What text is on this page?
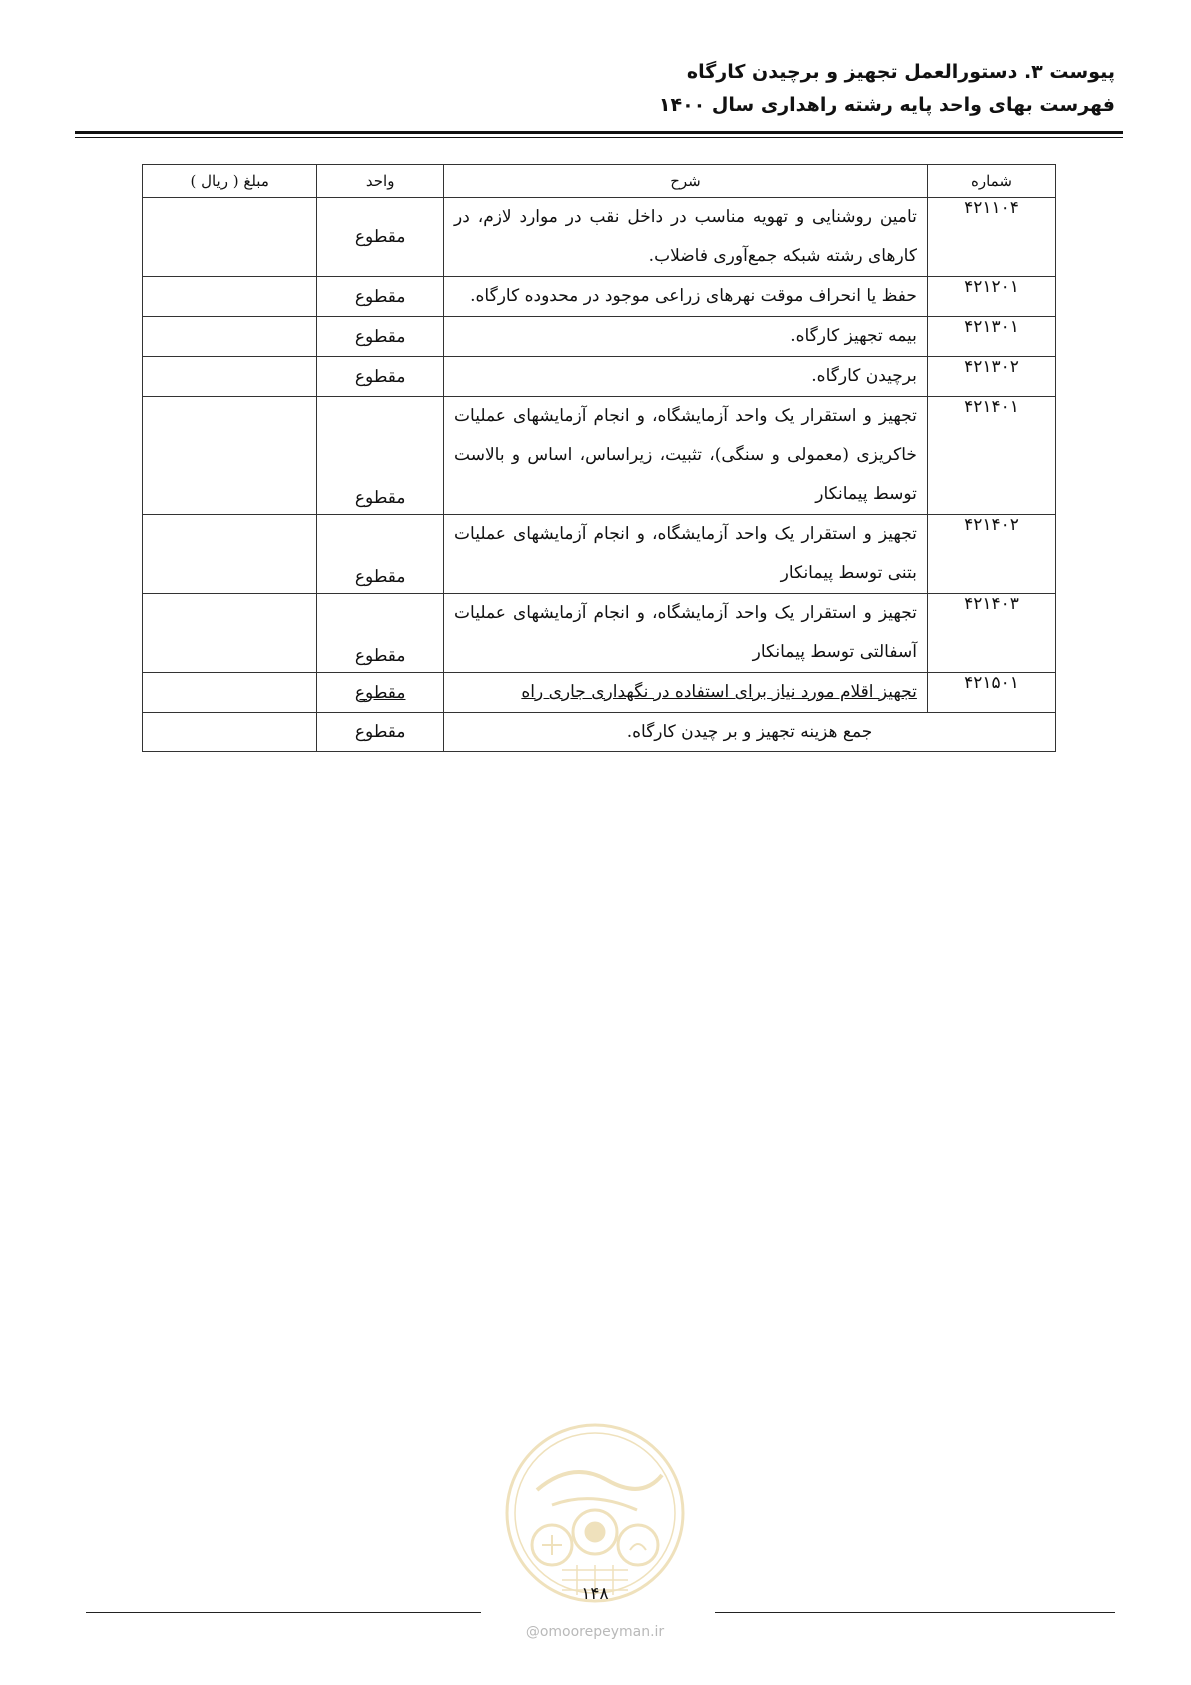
پیوست ۳. دستورالعمل تجهیز و برچیدن کارگاه
فهرست بهای واحد پایه رشته راهداری سال ۱۴۰۰
شماره	شرح	واحد	مبلغ ( ریال )
۴۲۱۱۰۴	تامین روشنایی و تهویه مناسب در داخل نقب در موارد لازم، در کارهای رشته شبکه جمع‌آوری فاضلاب.	مقطوع	
۴۲۱۲۰۱	حفظ یا انحراف موقت نهرهای زراعی موجود در محدوده کارگاه.	مقطوع	
۴۲۱۳۰۱	بیمه تجهیز کارگاه.	مقطوع	
۴۲۱۳۰۲	برچیدن کارگاه.	مقطوع	
۴۲۱۴۰۱	تجهیز و استقرار یک واحد آزمایشگاه، و انجام آزمایشهای عملیات خاکریزی (معمولی و سنگی)، تثبیت، زیراساس، اساس و بالاست توسط پیمانکار	مقطوع	
۴۲۱۴۰۲	تجهیز و استقرار یک واحد آزمایشگاه، و انجام آزمایشهای عملیات بتنی توسط پیمانکار	مقطوع	
۴۲۱۴۰۳	تجهیز و استقرار یک واحد آزمایشگاه، و انجام آزمایشهای عملیات آسفالتی توسط پیمانکار	مقطوع	
۴۲۱۵۰۱	تجهیز اقلام مورد نیاز برای استفاده در نگهداری جاری راه	مقطوع	
جمع هزینه تجهیز و بر چیدن کارگاه.		مقطوع	
۱۴۸
@omoorepeyman.ir
